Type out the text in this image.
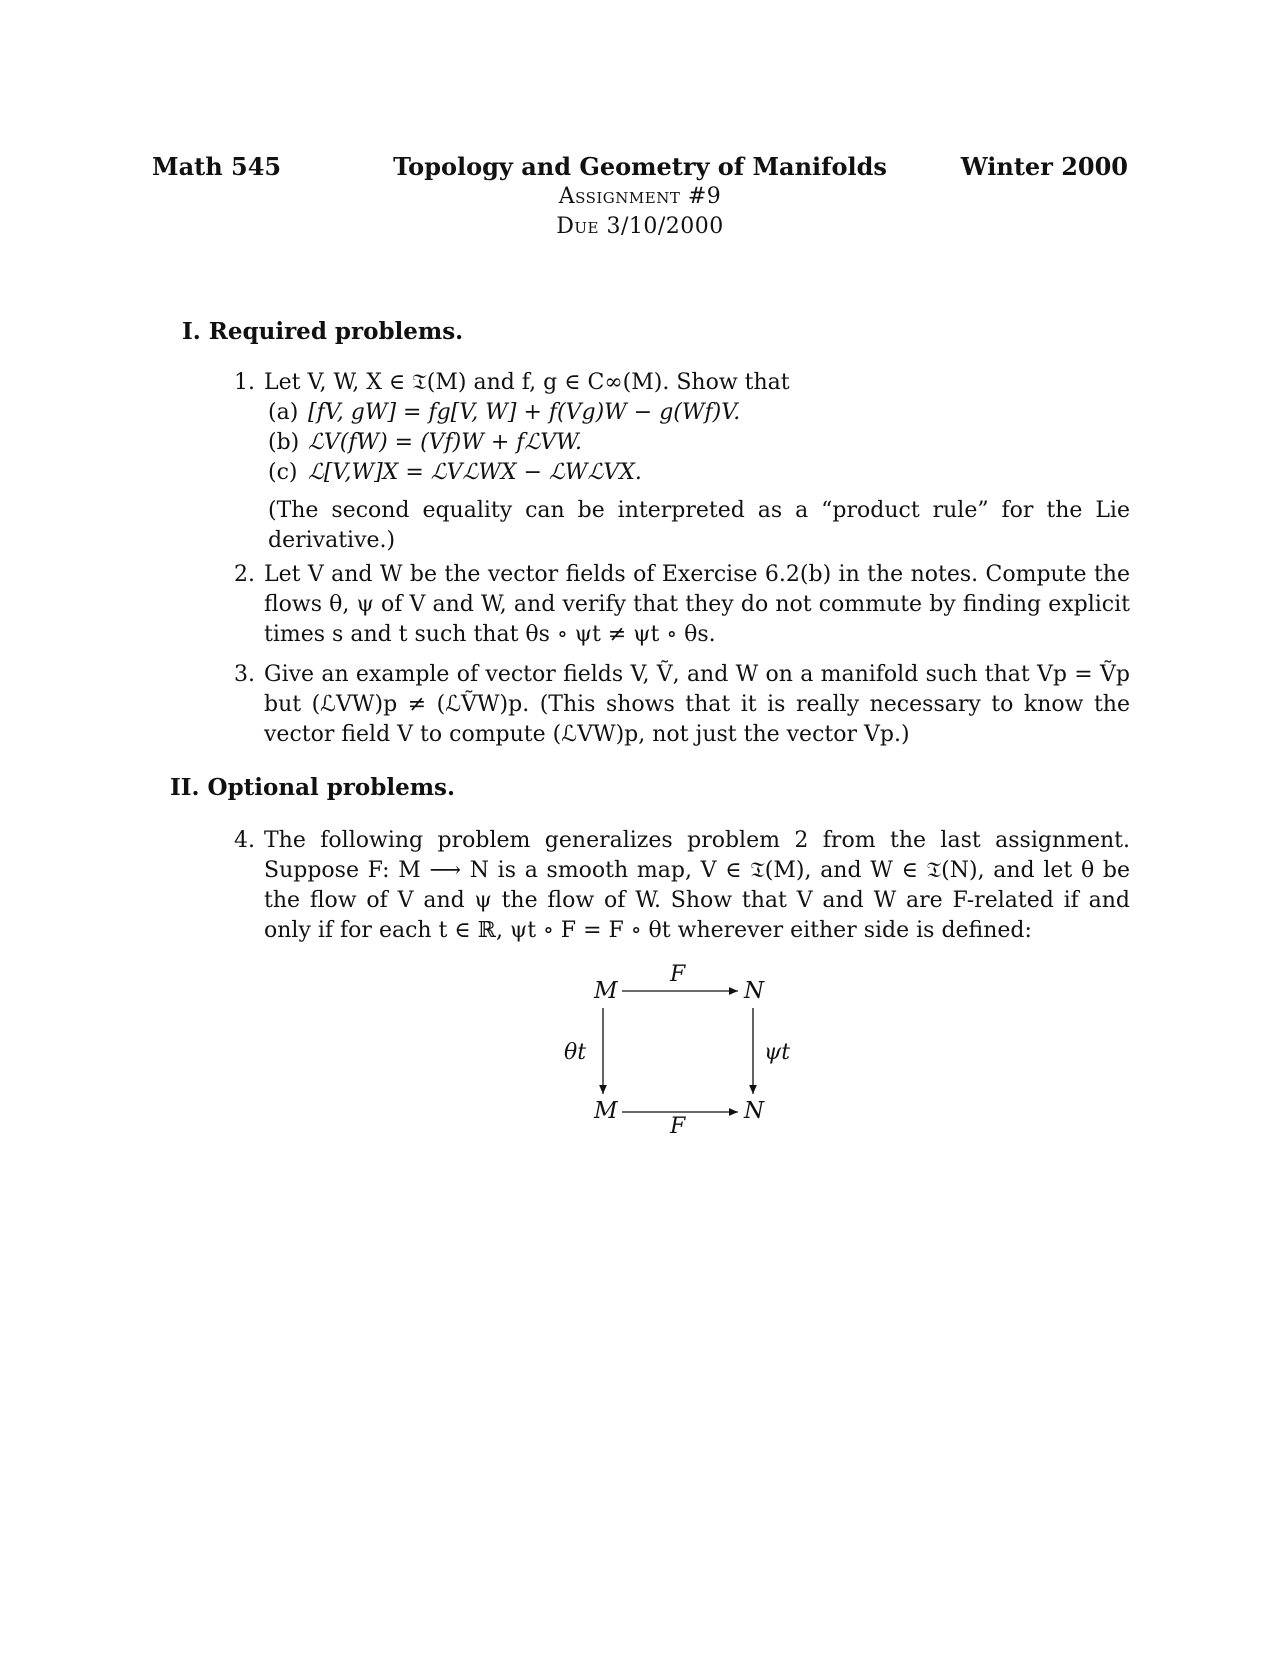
Math 545	Topology and Geometry of Manifolds
Assignment #9
Due 3/10/2000
Winter 2000
I. Required problems.
1. Let V, W, X ∈ 𝔗(M) and f, g ∈ C∞(M). Show that
(a) [fV, gW] = fg[V, W] + f(Vg)W − g(Wf)V.
(b) ℒV(fW) = (Vf)W + fℒVW.
(c) ℒ[V,W]X = ℒVℒWX − ℒWℒVX.
(The second equality can be interpreted as a “product rule” for the Lie derivative.)
2. Let V and W be the vector fields of Exercise 6.2(b) in the notes. Compute the flows θ, ψ of V and W, and verify that they do not commute by finding explicit times s and t such that θs ∘ ψt ≠ ψt ∘ θs.
3. Give an example of vector fields V, Ṽ, and W on a manifold such that Vp = Ṽp but (ℒVW)p ≠ (ℒṼW)p. (This shows that it is really necessary to know the vector field V to compute (ℒVW)p, not just the vector Vp.)
II. Optional problems.
4. The following problem generalizes problem 2 from the last assignment. Suppose F: M ⟶ N is a smooth map, V ∈ 𝔗(M), and W ∈ 𝔗(N), and let θ be the flow of V and ψ the flow of W. Show that V and W are F-related if and only if for each t ∈ ℝ, ψt ∘ F = F ∘ θt wherever either side is defined:
M	N
M	N
F
F
θt	ψt
